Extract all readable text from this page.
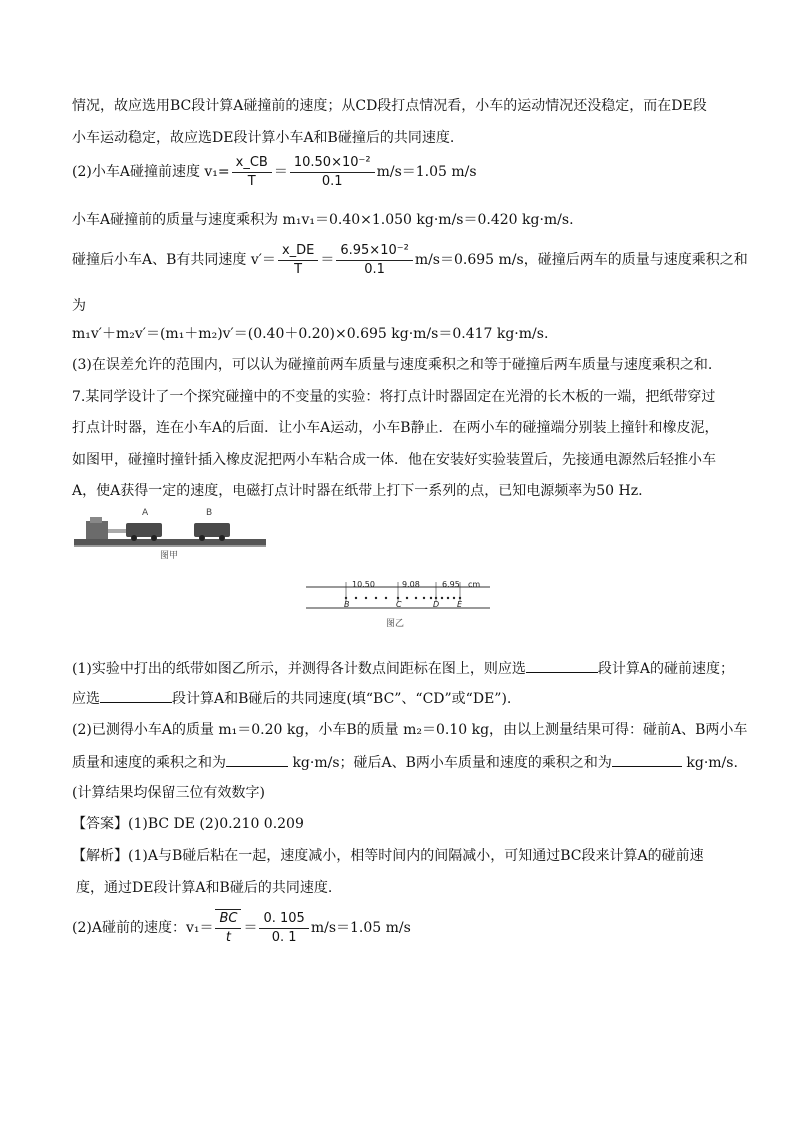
情况，故应选用BC段计算A碰撞前的速度；从CD段打点情况看，小车的运动情况还没稳定，而在DE段
小车运动稳定，故应选DE段计算小车A和B碰撞后的共同速度.
(2)小车A碰撞前速度 $v_1= \frac{x\_CB}{T} = \frac{\text{10.50×10⁻²}}{0.1} m/s=1.05$ m/s
小车A碰撞前的质量与速度乘积为 m₁v₁＝0.40×1.050 kg·m/s＝0.420 kg·m/s.
碰撞后小车A、B有共同速度 $v'= \frac{x\_DE}{T} = \frac{\text{6.95×10⁻²}}{0.1} m/s=0.695$ m/s，碰撞后两车的质量与速度乘积之和
为
m₁v′＋m₂v′＝(m₁＋m₂)v′＝(0.40＋0.20)×0.695 kg·m/s＝0.417 kg·m/s.
(3)在误差允许的范围内，可以认为碰撞前两车质量与速度乘积之和等于碰撞后两车质量与速度乘积之和.
7.某同学设计了一个探究碰撞中的不变量的实验：将打点计时器固定在光滑的长木板的一端，把纸带穿过
打点计时器，连在小车A的后面．让小车A运动，小车B静止．在两小车的碰撞端分别装上撞针和橡皮泥，
如图甲，碰撞时撞针插入橡皮泥把两小车粘合成一体．他在安装好实验装置后，先接通电源然后轻推小车
A，使A获得一定的速度，电磁打点计时器在纸带上打下一系列的点，已知电源频率为50 Hz.
A	B
图甲
10.50	9.08	6.95 cm
B	C	D E
图乙
(1)实验中打出的纸带如图乙所示，并测得各计数点间距标在图上，则应选	段计算A的碰前速度；
应选	段计算A和B碰后的共同速度(填“BC”、“CD”或“DE”).
(2)已测得小车A的质量 m₁＝0.20 kg，小车B的质量 m₂＝0.10 kg，由以上测量结果可得：碰前A、B两小车
质量和速度的乘积之和为	kg·m/s；碰后A、B两小车质量和速度的乘积之和为	kg·m/s.
(计算结果均保留三位有效数字)
【答案】(1)BC DE (2)0.210 0.209
【解析】(1)A与B碰后粘在一起，速度减小，相等时间内的间隔减小，可知通过BC段来计算A的碰前速
度，通过DE段计算A和B碰后的共同速度.
(2)A碰前的速度：$v_1= \frac{BC}{t} = \frac{0. 105}{0. 1} m/s=1.05$ m/s
